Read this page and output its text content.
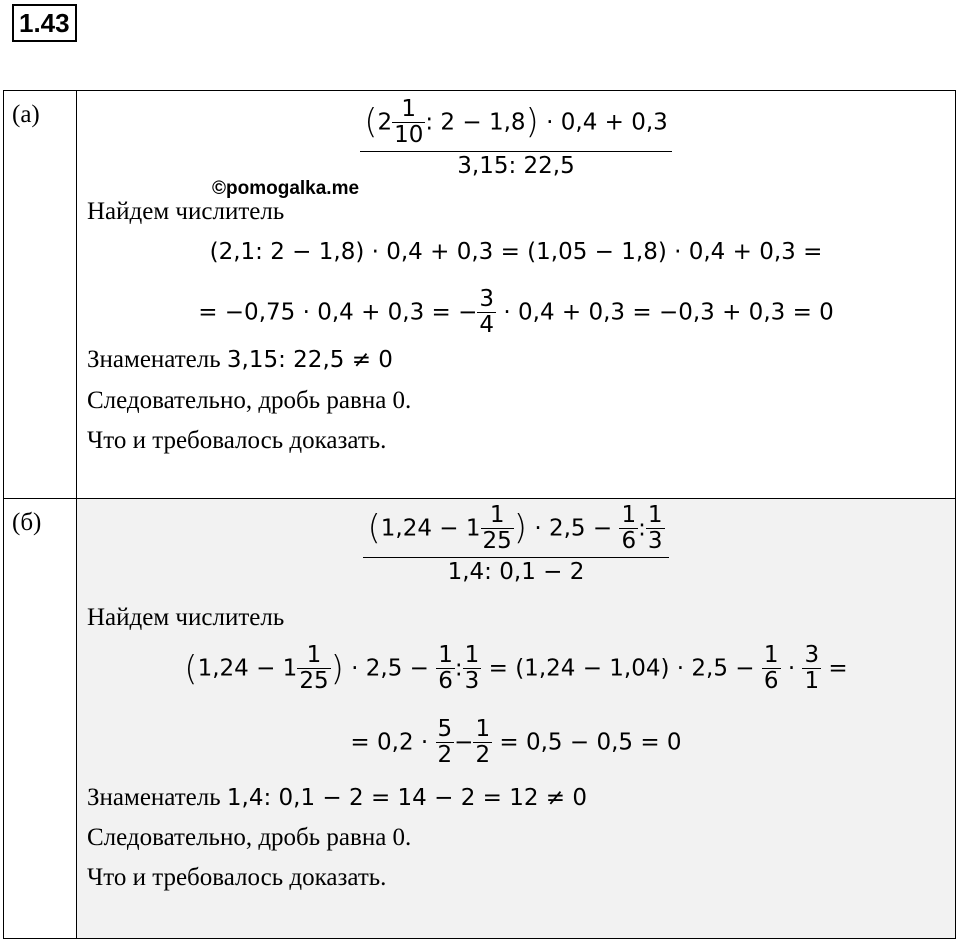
1.43
(а)	$\frac{(2 \frac{1}{10} : 2 - 1,8) \cdot 0,4 + 0,3}{3,15: 22,5}$
Найдем числитель
(2,1: 2 − 1,8) · 0,4 + 0,3 = (1,05 − 1,8) · 0,4 + 0,3 =
= −0,75 · 0,4 + 0,3 = − $\frac{3}{4} \cdot 0,4 + 0,3 = -0,3 + 0,3 = 0$
Знаменатель 3,15: 22,5 ≠ 0
Следовательно, дробь равна 0.
Что и требовалось доказать.
(б)	$\frac{(1,24 - 1 \frac{1}{25} ) \cdot 2,5 - \frac{1}{6} : \frac{1}{3}}{1,4: 0,1 - 2}$
Найдем числитель
($1,24 - 1 \frac{1}{25}$ ) · $2,5 - \frac{1}{6}$ : $\frac{1}{3} = (1,24 - 1,04) \cdot 2,5 - \frac{1}{6} \cdot \frac{3}{1}$ =
= $0,2 \cdot \frac{5}{2} - \frac{1}{2} = 0,5 - 0,5 = 0$
Знаменатель 1,4: 0,1 − 2 = 14 − 2 = 12 ≠ 0
Следовательно, дробь равна 0.
Что и требовалось доказать.
©pomogalka.me
